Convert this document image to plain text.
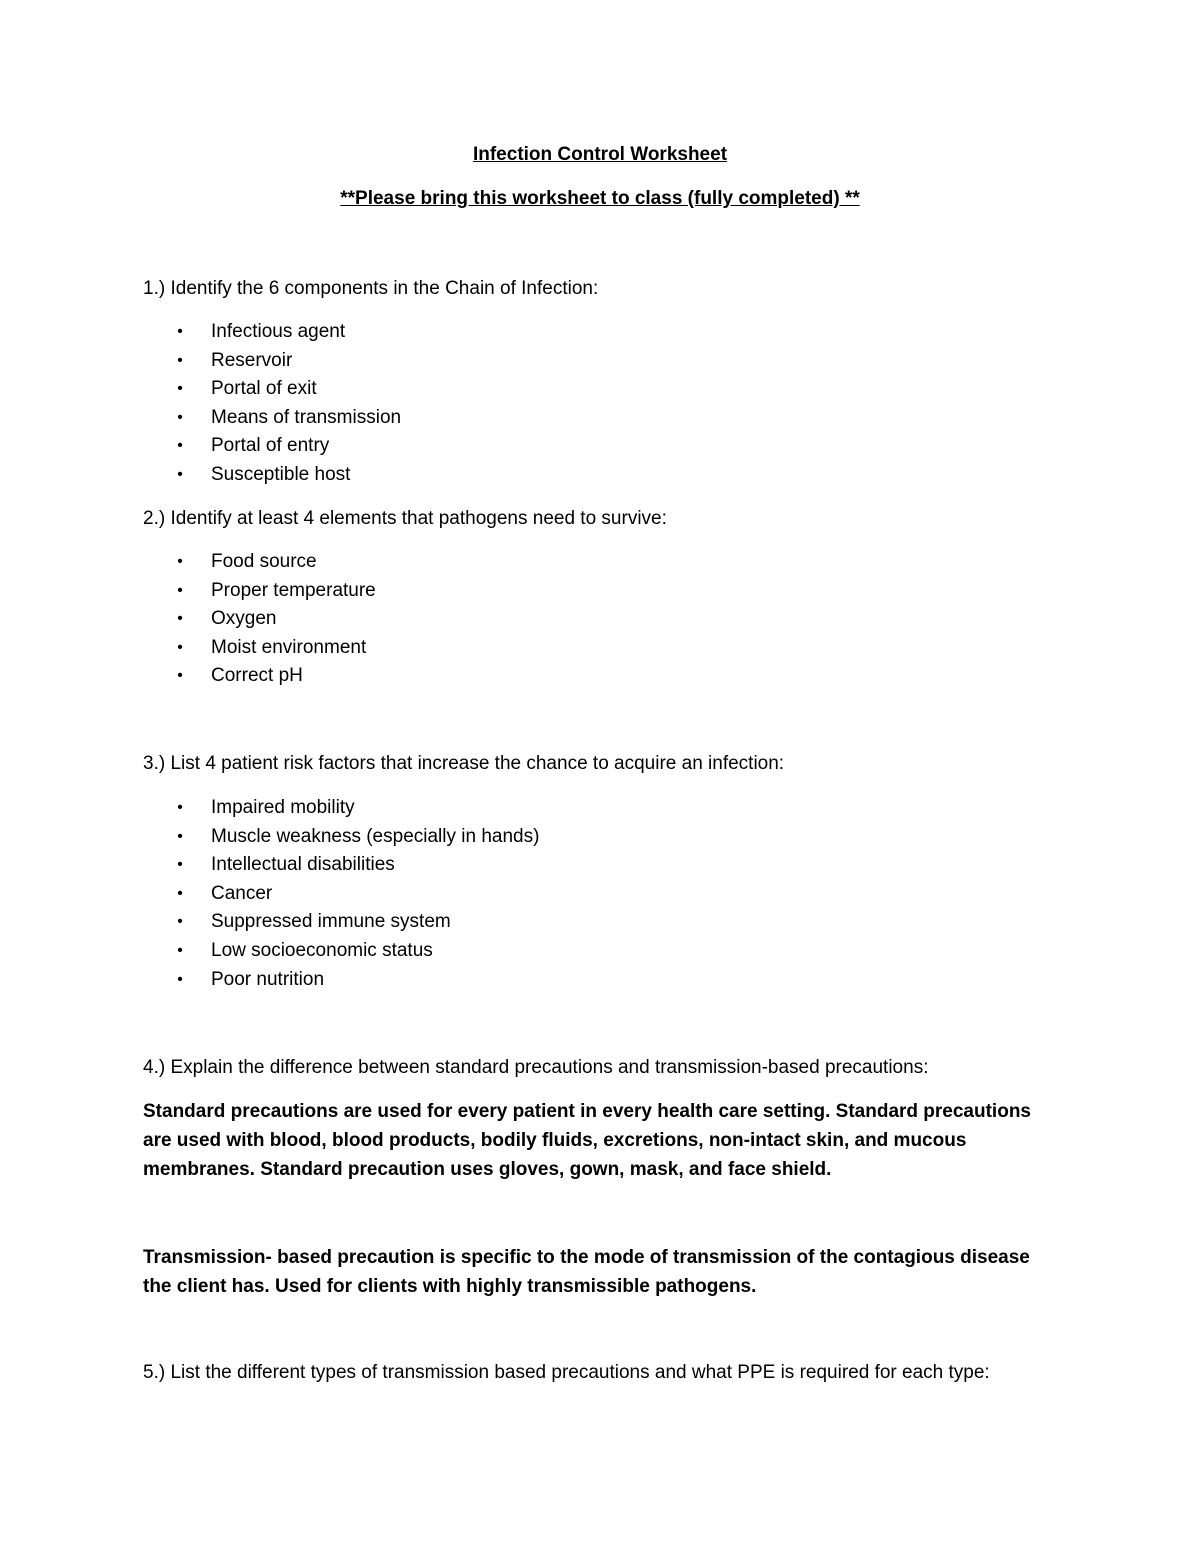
Infection Control Worksheet
**Please bring this worksheet to class (fully completed) **
1.) Identify the 6 components in the Chain of Infection:
• Infectious agent
• Reservoir
• Portal of exit
• Means of transmission
• Portal of entry
• Susceptible host
2.) Identify at least 4 elements that pathogens need to survive:
• Food source
• Proper temperature
• Oxygen
• Moist environment
• Correct pH
3.) List 4 patient risk factors that increase the chance to acquire an infection:
• Impaired mobility
• Muscle weakness (especially in hands)
• Intellectual disabilities
• Cancer
• Suppressed immune system
• Low socioeconomic status
• Poor nutrition
4.) Explain the difference between standard precautions and transmission-based precautions:
Standard precautions are used for every patient in every health care setting. Standard precautions are used with blood, blood products, bodily fluids, excretions, non-intact skin, and mucous membranes. Standard precaution uses gloves, gown, mask, and face shield.
Transmission- based precaution is specific to the mode of transmission of the contagious disease the client has. Used for clients with highly transmissible pathogens.
5.) List the different types of transmission based precautions and what PPE is required for each type:
